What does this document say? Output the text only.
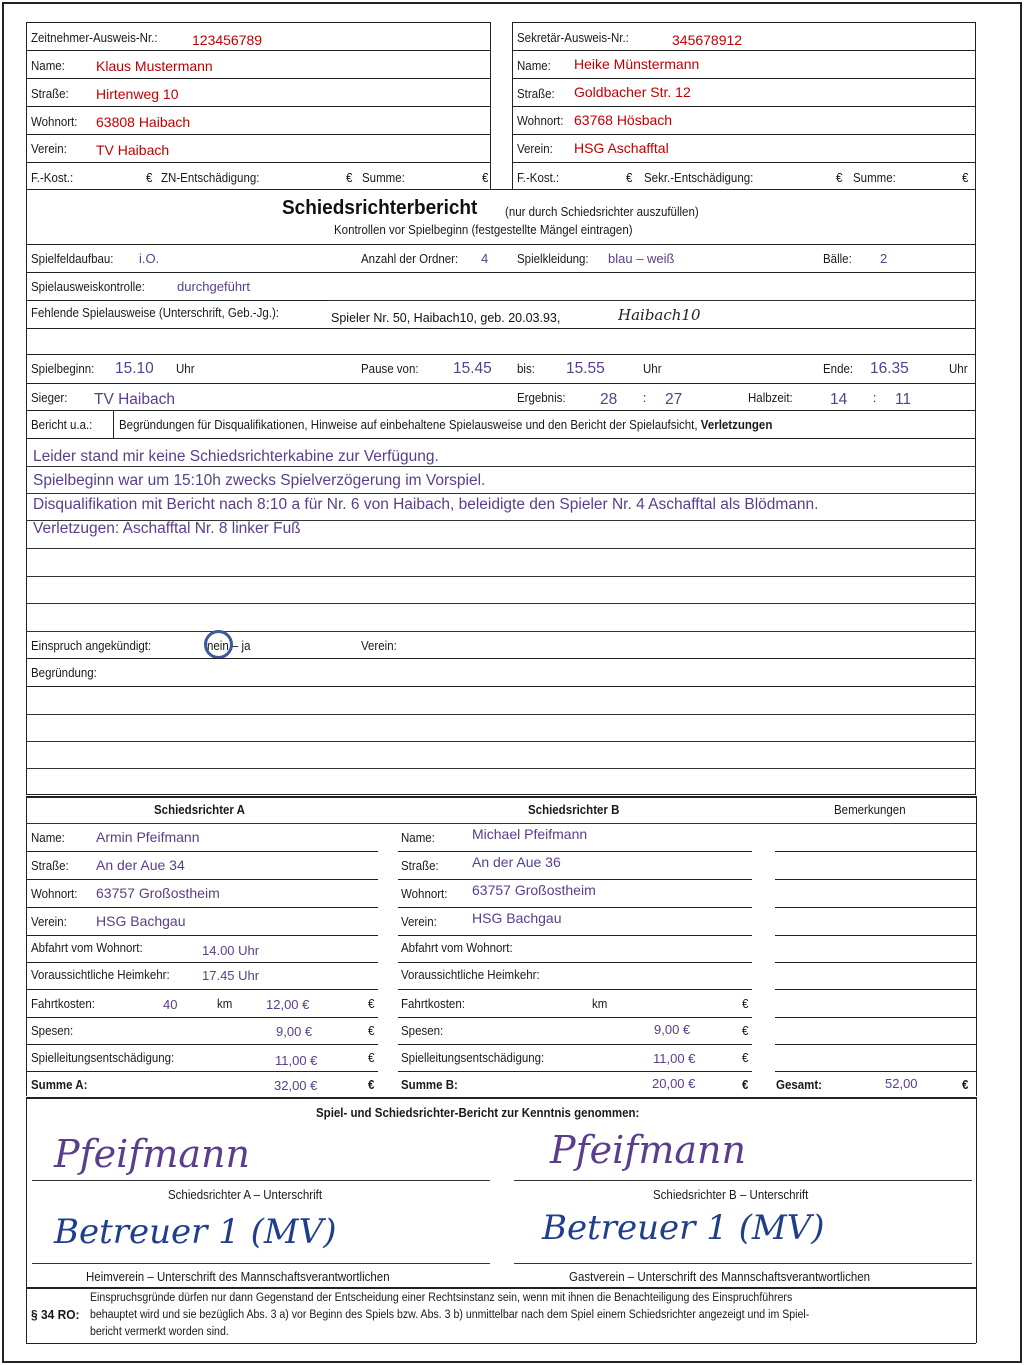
Zeitnehmer-Ausweis-Nr.: 123456789
Name: Klaus Mustermann
Straße: Hirtenweg 10
Wohnort: 63808 Haibach
Verein: TV Haibach
F.-Kost.:	€ ZN-Entschädigung:	€ Summe:	€
Sekretär-Ausweis-Nr.:	345678912
Name: Heike Münstermann
Straße: Goldbacher Str. 12
Wohnort: 63768 Hösbach
Verein: HSG Aschafftal
F.-Kost.:	€ Sekr.-Entschädigung:	€ Summe:	€
Schiedsrichterbericht (nur durch Schiedsrichter auszufüllen)
Kontrollen vor Spielbeginn (festgestellte Mängel eintragen)
Spielfeldaufbau: i.O.	Anzahl der Ordner: 4 Spielkleidung: blau – weiß	Bälle: 2
Spielausweiskontrolle: durchgeführt
Fehlende Spielausweise (Unterschrift, Geb.-Jg.):	Spieler Nr. 50, Haibach10, geb. 20.03.93,	Haibach10
Spielbeginn: 15.10 Uhr	Pause von: 15.45 bis: 15.55	Uhr	Ende: 16.35	Uhr
Sieger: TV Haibach	Ergebnis: 28 : 27	Halbzeit: 14 : 11
Bericht u.a.: Begründungen für Disqualifikationen, Hinweise auf einbehaltene Spielausweise und den Bericht der Spielaufsicht, Verletzungen
Leider stand mir keine Schiedsrichterkabine zur Verfügung.
Spielbeginn war um 15:10h zwecks Spielverzögerung im Vorspiel.
Disqualifikation mit Bericht nach 8:10 a für Nr. 6 von Haibach, beleidigte den Spieler Nr. 4 Aschafftal als Blödmann.
Verletzugen: Aschafftal Nr. 8 linker Fuß
Einspruch angekündigt:	nein – ja	Verein:
Begründung:
Schiedsrichter A	Schiedsrichter B	Bemerkungen
Name: Armin Pfeifmann
Straße: An der Aue 34
Wohnort: 63757 Großostheim
Verein: HSG Bachgau
Abfahrt vom Wohnort:	14.00 Uhr
Voraussichtliche Heimkehr: 17.45 Uhr
Fahrtkosten:	40	km	12,00 €	€
Spesen:	9,00 €	€
Spielleitungsentschädigung:	11,00 €	€
Summe A:	32,00 €	€
Name:	Michael Pfeifmann
Straße: An der Aue 36
Wohnort: 63757 Großostheim
Verein:	HSG Bachgau
Abfahrt vom Wohnort:
Voraussichtliche Heimkehr:
Fahrtkosten:	km	€
Spesen:	9,00 €	€
Spielleitungsentschädigung:	11,00 €	€
Summe B:	20,00 €	€ Gesamt:	52,00	€
Spiel- und Schiedsrichter-Bericht zur Kenntnis genommen:
Pfeifmann	Pfeifmann
Schiedsrichter A – Unterschrift	Schiedsrichter B – Unterschrift
Betreuer 1 (MV)	Betreuer 1 (MV)
Heimverein – Unterschrift des Mannschaftsverantwortlichen	Gastverein – Unterschrift des Mannschaftsverantwortlichen
§ 34 RO:
Einspruchsgründe dürfen nur dann Gegenstand der Entscheidung einer Rechtsinstanz sein, wenn mit ihnen die Benachteiligung des Einspruchführers
behauptet wird und sie bezüglich Abs. 3 a) vor Beginn des Spiels bzw. Abs. 3 b) unmittelbar nach dem Spiel einem Schiedsrichter angezeigt und im Spiel-
bericht vermerkt worden sind.
